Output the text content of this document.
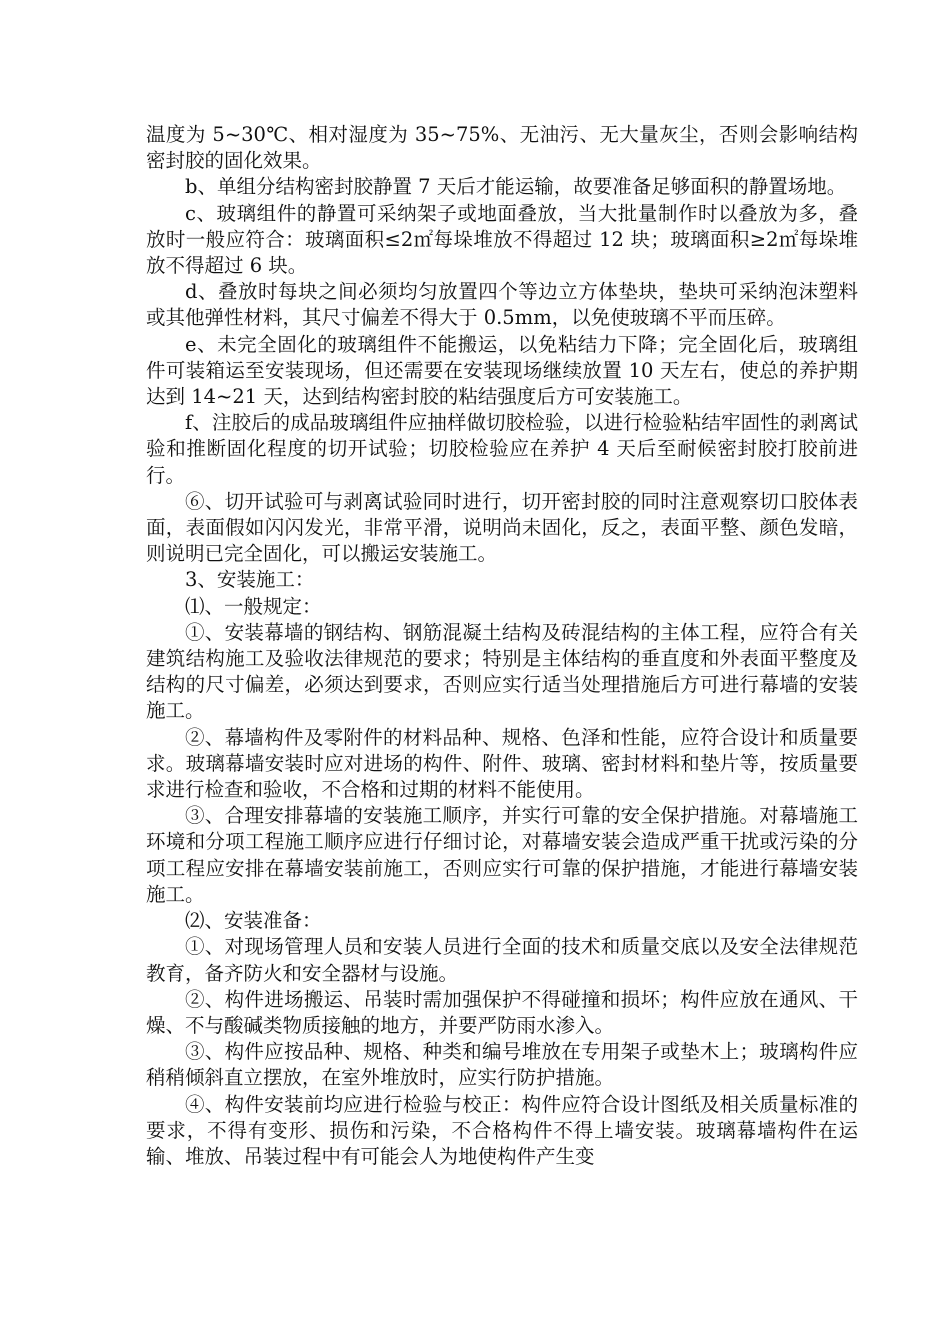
温度为 5~30℃、相对湿度为 35~75%、无油污、无大量灰尘，否则会影响结构密封胶的固化效果。

b、单组分结构密封胶静置 7 天后才能运输，故要准备足够面积的静置场地。

c、玻璃组件的静置可采纳架子或地面叠放，当大批量制作时以叠放为多，叠放时一般应符合：玻璃面积≤2㎡每垛堆放不得超过 12 块；玻璃面积≥2㎡每垛堆放不得超过 6 块。

d、叠放时每块之间必须均匀放置四个等边立方体垫块，垫块可采纳泡沫塑料或其他弹性材料，其尺寸偏差不得大于 0.5mm，以免使玻璃不平而压碎。

e、未完全固化的玻璃组件不能搬运，以免粘结力下降；完全固化后，玻璃组件可装箱运至安装现场，但还需要在安装现场继续放置 10 天左右，使总的养护期达到 14~21 天，达到结构密封胶的粘结强度后方可安装施工。

f、注胶后的成品玻璃组件应抽样做切胶检验，以进行检验粘结牢固性的剥离试验和推断固化程度的切开试验；切胶检验应在养护 4 天后至耐候密封胶打胶前进行。

⑥、切开试验可与剥离试验同时进行，切开密封胶的同时注意观察切口胶体表面，表面假如闪闪发光，非常平滑，说明尚未固化，反之，表面平整、颜色发暗，则说明已完全固化，可以搬运安装施工。

3、安装施工：

⑴、一般规定：

①、安装幕墙的钢结构、钢筋混凝土结构及砖混结构的主体工程，应符合有关建筑结构施工及验收法律规范的要求；特别是主体结构的垂直度和外表面平整度及结构的尺寸偏差，必须达到要求，否则应实行适当处理措施后方可进行幕墙的安装施工。

②、幕墙构件及零附件的材料品种、规格、色泽和性能，应符合设计和质量要求。玻璃幕墙安装时应对进场的构件、附件、玻璃、密封材料和垫片等，按质量要求进行检查和验收，不合格和过期的材料不能使用。

③、合理安排幕墙的安装施工顺序，并实行可靠的安全保护措施。对幕墙施工环境和分项工程施工顺序应进行仔细讨论，对幕墙安装会造成严重干扰或污染的分项工程应安排在幕墙安装前施工，否则应实行可靠的保护措施，才能进行幕墙安装施工。

⑵、安装准备：

①、对现场管理人员和安装人员进行全面的技术和质量交底以及安全法律规范教育，备齐防火和安全器材与设施。

②、构件进场搬运、吊装时需加强保护不得碰撞和损坏；构件应放在通风、干燥、不与酸碱类物质接触的地方，并要严防雨水渗入。

③、构件应按品种、规格、种类和编号堆放在专用架子或垫木上；玻璃构件应稍稍倾斜直立摆放，在室外堆放时，应实行防护措施。

④、构件安装前均应进行检验与校正：构件应符合设计图纸及相关质量标准的要求，不得有变形、损伤和污染，不合格构件不得上墙安装。玻璃幕墙构件在运输、堆放、吊装过程中有可能会人为地使构件产生变
